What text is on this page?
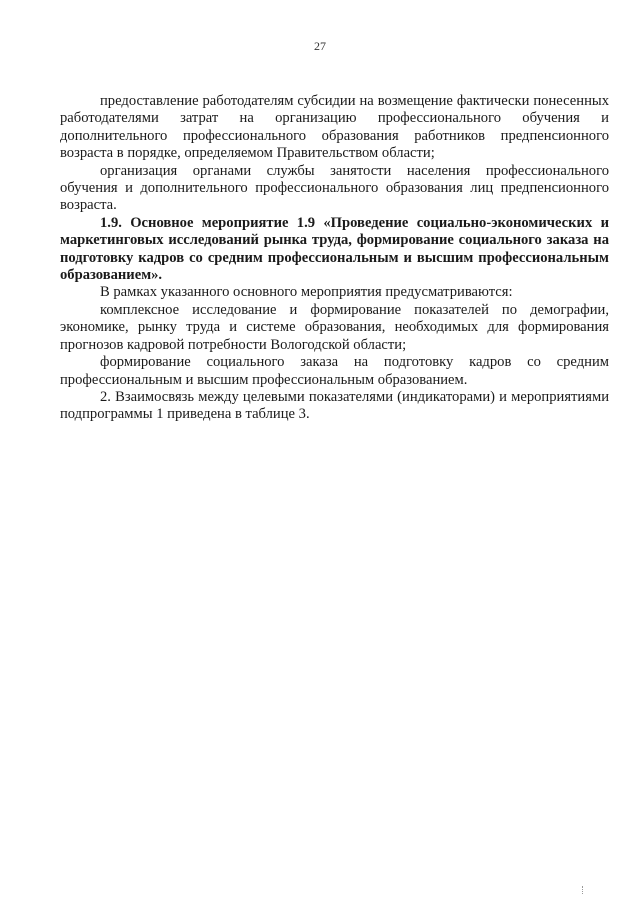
27

предоставление работодателям субсидии на возмещение фактически понесенных работодателями затрат на организацию профессионального обучения и дополнительного профессионального образования работников предпенсионного возраста в порядке, определяемом Правительством области;

организация органами службы занятости населения профессионального обучения и дополнительного профессионального образования лиц предпенсионного возраста.

1.9. Основное мероприятие 1.9 «Проведение социально-экономических и маркетинговых исследований рынка труда, формирование социального заказа на подготовку кадров со средним профессиональным и высшим профессиональным образованием».

В рамках указанного основного мероприятия предусматриваются:

комплексное исследование и формирование показателей по демографии, экономике, рынку труда и системе образования, необходимых для формирования прогнозов кадровой потребности Вологодской области;

формирование социального заказа на подготовку кадров со средним профессиональным и высшим профессиональным образованием.

2. Взаимосвязь между целевыми показателями (индикаторами) и мероприятиями подпрограммы 1 приведена в таблице 3.
